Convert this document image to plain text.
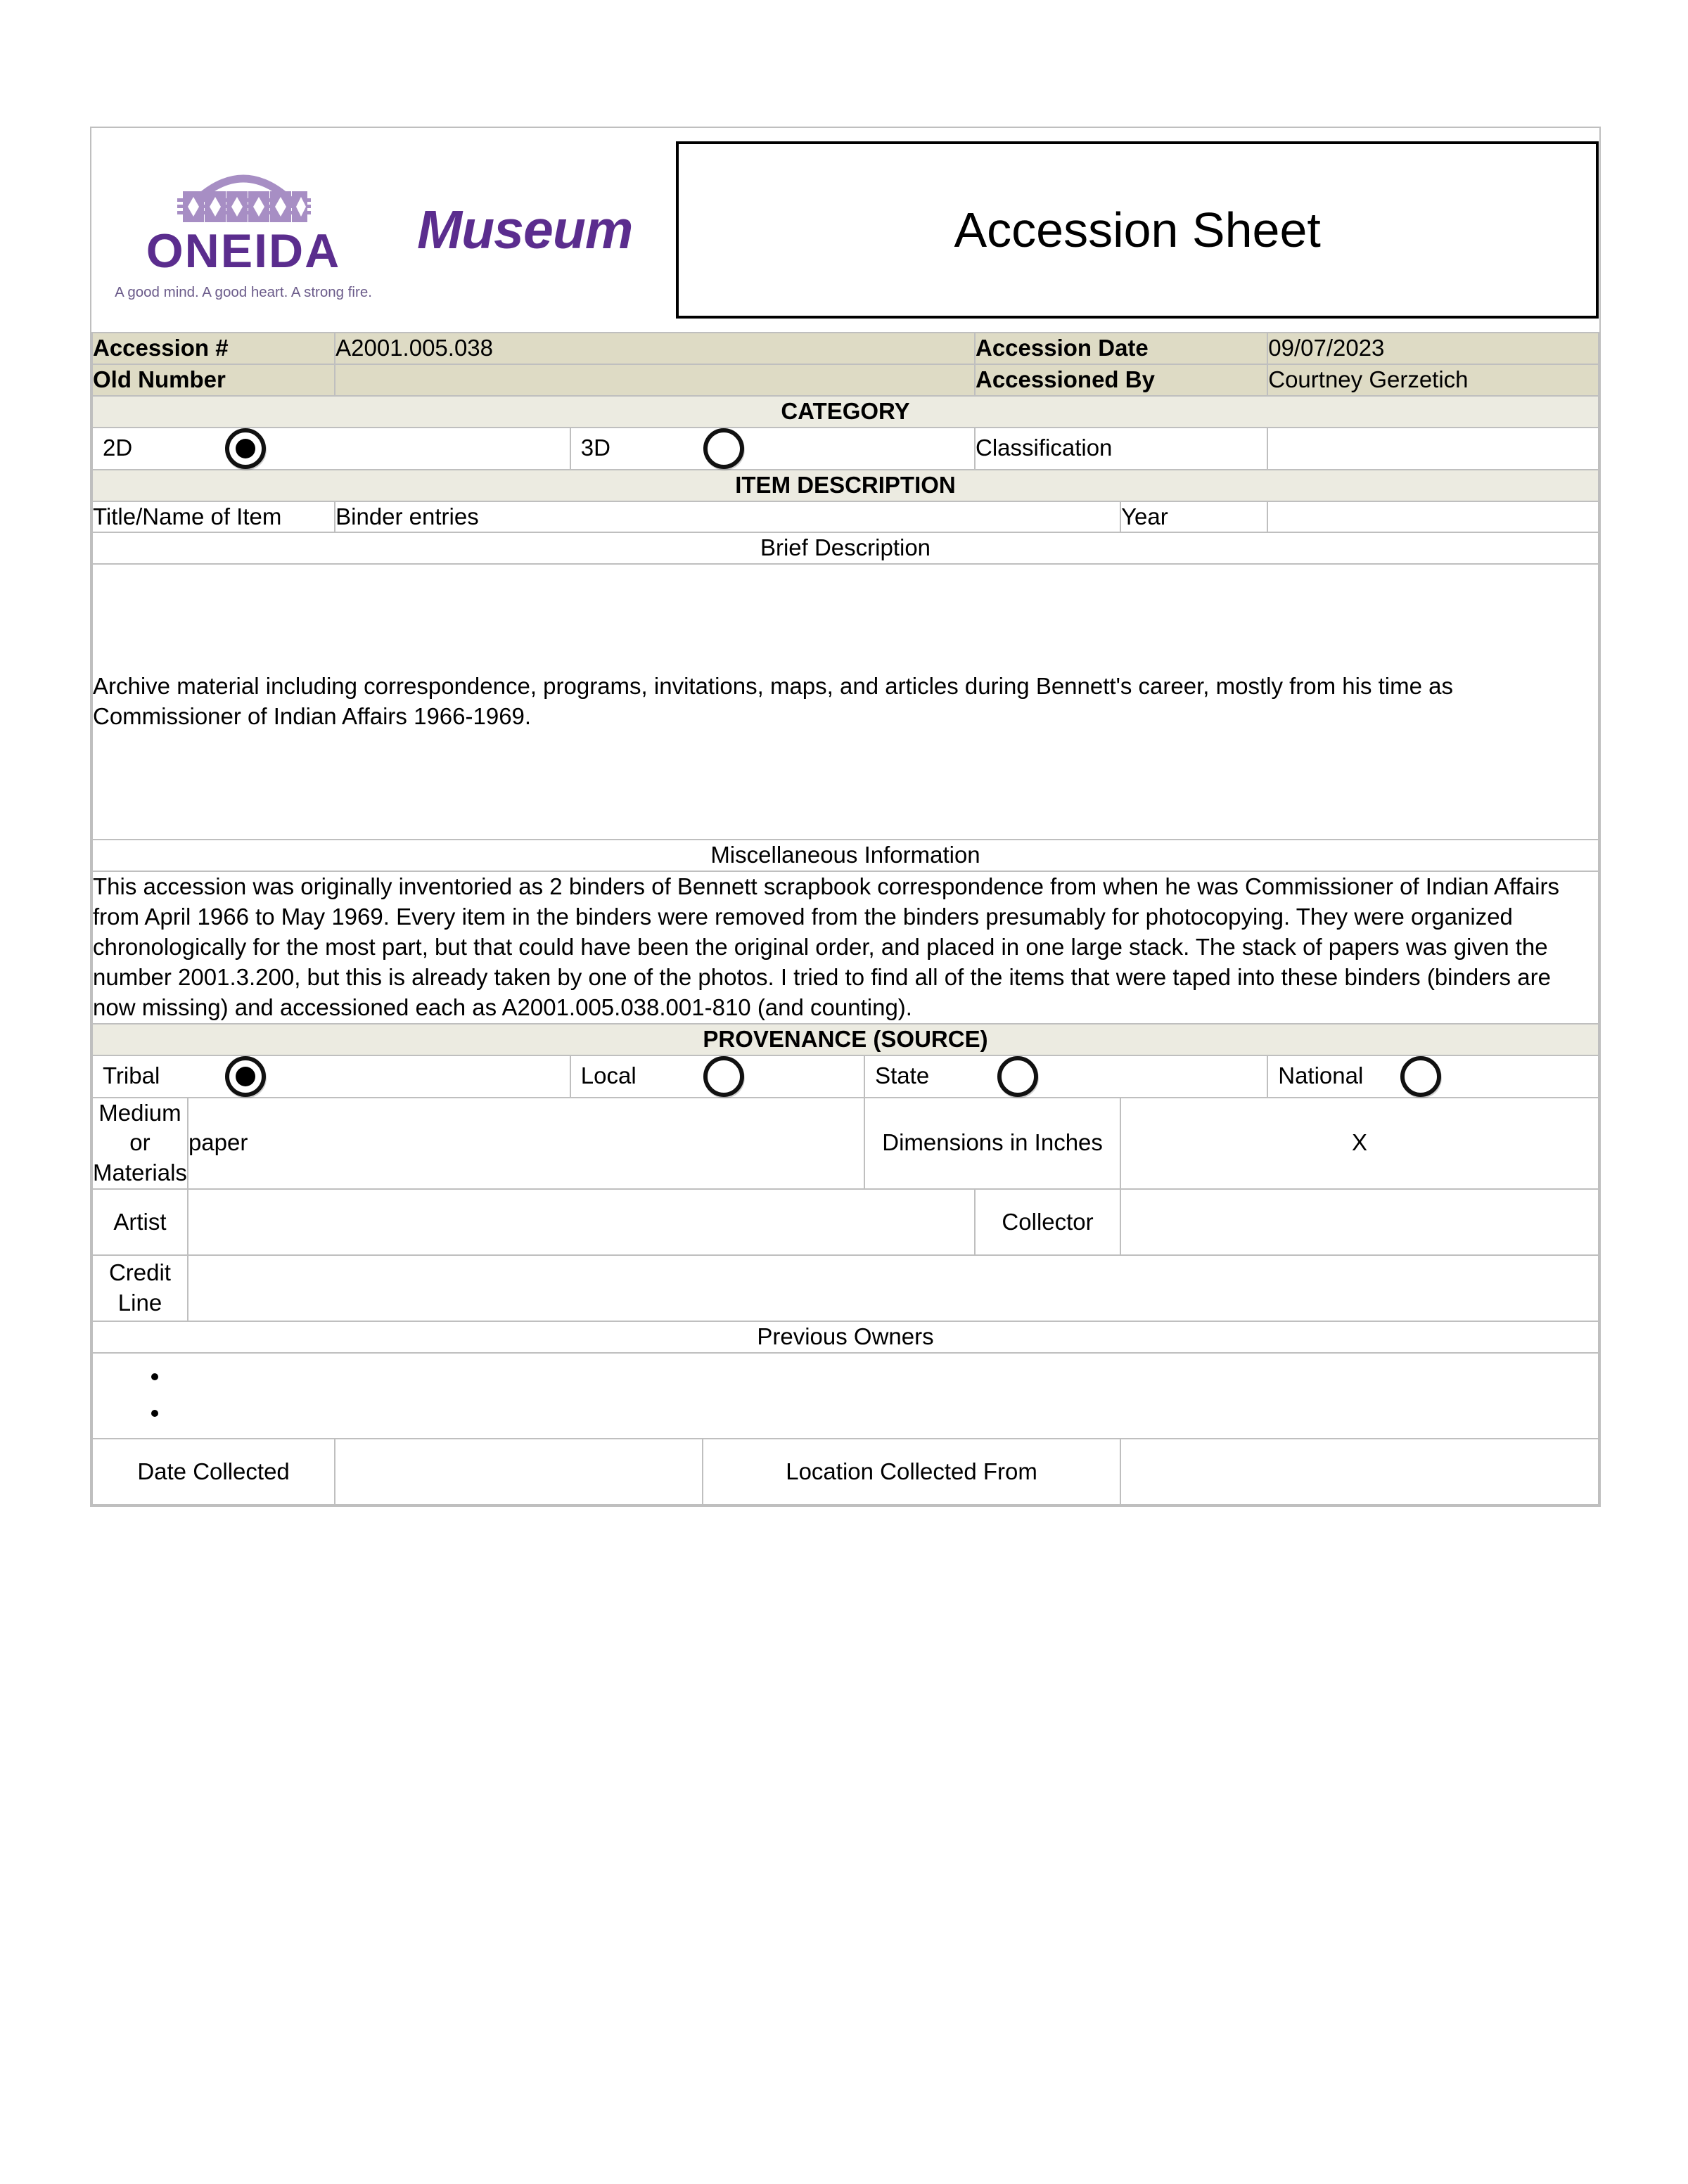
ONEIDA
A good mind. A good heart. A strong fire.
Museum Accession Sheet								

Accession #		A2001.005.038				Accession Date		09/07/2023
Old Number						Accessioned By		Courtney Gerzetich
CATEGORY								

2D			3D			Classification		
ITEM DESCRIPTION								
Title/Name of Item		Binder entries					Year	
Brief Description								
Archive material including correspondence, programs, invitations, maps, and articles during Bennett's career, mostly from his time as Commissioner of Indian Affairs 1966-1969.								
Miscellaneous Information								
This accession was originally inventoried as 2 binders of Bennett scrapbook correspondence from when he was Commissioner of Indian Affairs from April 1966 to May 1969. Every item in the binders were removed from the binders presumably for photocopying. They were organized chronologically for the most part, but that could have been the original order, and placed in one large stack. The stack of papers was given the number 2001.3.200, but this is already taken by one of the photos. I tried to find all of the items that were taped into these binders (binders are now missing) and accessioned each as A2001.005.038.001-810 (and counting).								
PROVENANCE (SOURCE)								

Tribal			Local		State			National

Medium or Materials	paper				Dimensions in Inches		X	
Artist						Collector		
Credit Line								
Previous Owners								

•
•

Date Collected				Location Collected From				
